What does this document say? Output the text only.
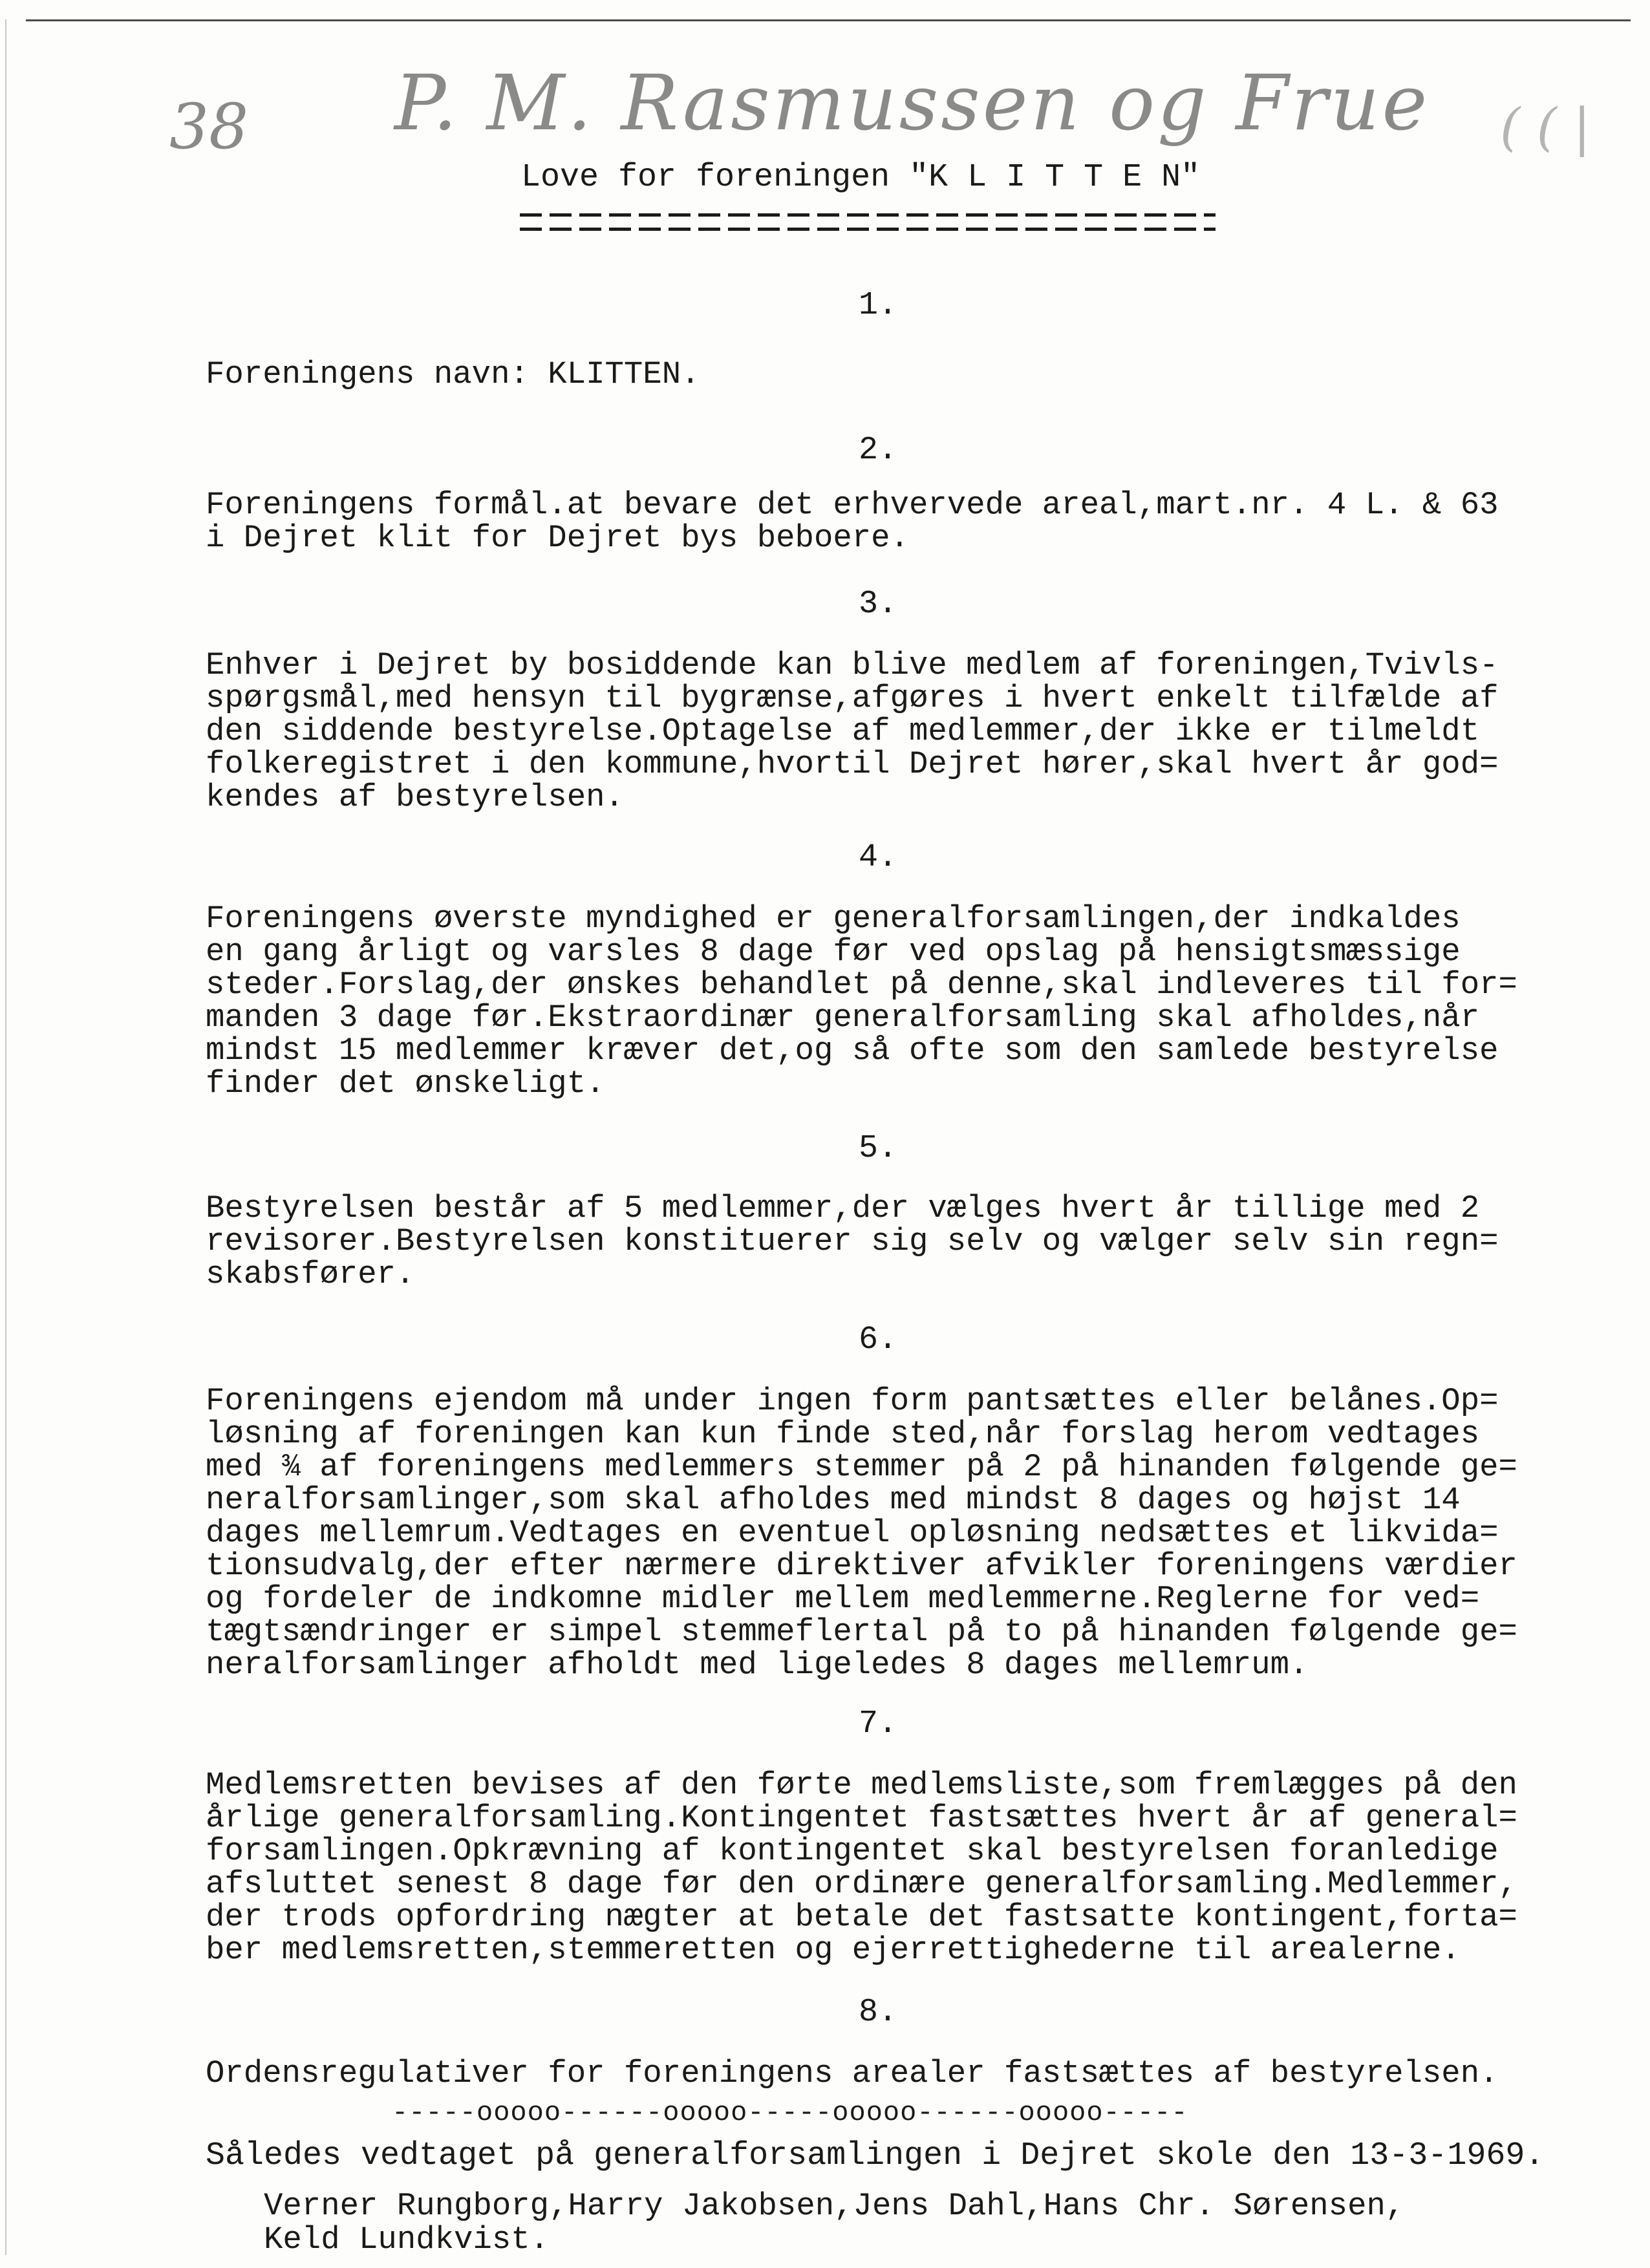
38 P. M. Rasmussen og Frue ( ( |
Love for foreningen "K L I T T E N"
1.
Foreningens navn: KLITTEN.
2.
Foreningens formål.at bevare det erhvervede areal,mart.nr. 4 L. & 63
i Dejret klit for Dejret bys beboere.
3.
Enhver i Dejret by bosiddende kan blive medlem af foreningen,Tvivls-
spørgsmål,med hensyn til bygrænse,afgøres i hvert enkelt tilfælde af
den siddende bestyrelse.Optagelse af medlemmer,der ikke er tilmeldt
folkeregistret i den kommune,hvortil Dejret hører,skal hvert år god=
kendes af bestyrelsen.
4.
Foreningens øverste myndighed er generalforsamlingen,der indkaldes
en gang årligt og varsles 8 dage før ved opslag på hensigtsmæssige
steder.Forslag,der ønskes behandlet på denne,skal indleveres til for=
manden 3 dage før.Ekstraordinær generalforsamling skal afholdes,når
mindst 15 medlemmer kræver det,og så ofte som den samlede bestyrelse
finder det ønskeligt.
5.
Bestyrelsen består af 5 medlemmer,der vælges hvert år tillige med 2
revisorer.Bestyrelsen konstituerer sig selv og vælger selv sin regn=
skabsfører.
6.
Foreningens ejendom må under ingen form pantsættes eller belånes.Op=
løsning af foreningen kan kun finde sted,når forslag herom vedtages
med ¾ af foreningens medlemmers stemmer på 2 på hinanden følgende ge=
neralforsamlinger,som skal afholdes med mindst 8 dages og højst 14
dages mellemrum.Vedtages en eventuel opløsning nedsættes et likvida=
tionsudvalg,der efter nærmere direktiver afvikler foreningens værdier
og fordeler de indkomne midler mellem medlemmerne.Reglerne for ved=
tægtsændringer er simpel stemmeflertal på to på hinanden følgende ge=
neralforsamlinger afholdt med ligeledes 8 dages mellemrum.
7.
Medlemsretten bevises af den førte medlemsliste,som fremlægges på den
årlige generalforsamling.Kontingentet fastsættes hvert år af general=
forsamlingen.Opkrævning af kontingentet skal bestyrelsen foranledige
afsluttet senest 8 dage før den ordinære generalforsamling.Medlemmer,
der trods opfordring nægter at betale det fastsatte kontingent,forta=
ber medlemsretten,stemmeretten og ejerrettighederne til arealerne.
8.
Ordensregulativer for foreningens arealer fastsættes af bestyrelsen.
-----ooooo------ooooo-----ooooo------ooooo-----
Således vedtaget på generalforsamlingen i Dejret skole den 13-3-1969.
Verner Rungborg,Harry Jakobsen,Jens Dahl,Hans Chr. Sørensen,
Keld Lundkvist.
